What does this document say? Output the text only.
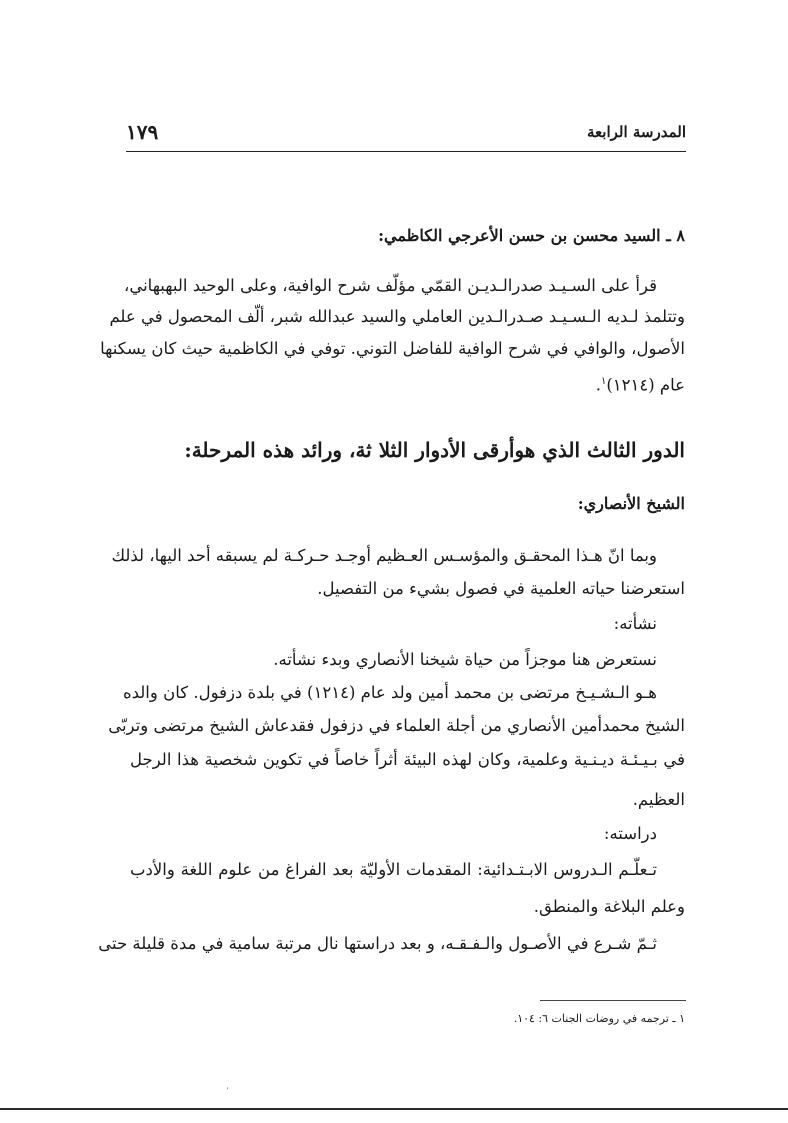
المدرسة الرابعة
١٧٩
٨ ـ السيد محسن بن حسن الأعرجي الكاظمي:
قرأ على السـيـد صدرالـديـن القمّي مؤلّف شرح الوافية، وعلى الوحيد البهبهاني،
وتتلمذ لـديه الـسـيـد صـدرالـدين العاملي والسيد عبدالله شبر، ألّف المحصول في علم
الأصول، والوافي في شرح الوافية للفاضل التوني. توفي في الكاظمية حيث كان يسكنها
عام (١٢١٤)$^١$.
الدور الثالث الذي هوأرقى الأدوار الثلا ثة، ورائد هذه المرحلة:
الشيخ الأنصاري:
وبما انّ هـذا المحقـق والمؤسـس العـظيم أوجـد حـركـة لم يسبقه أحد اليها، لذلك
استعرضنا حياته العلمية في فصول بشيء من التفصيل.
نشأته:
نستعرض هنا موجزاً من حياة شيخنا الأنصاري وبدء نشأته.
هـو الـشـيـخ مرتضى بن محمد أمين ولد عام (١٢١٤) في بلدة دزفول. كان والده
الشيخ محمدأمين الأنصاري من أجلة العلماء في دزفول فقدعاش الشيخ مرتضى وتربّى
في بـيـئـة ديـنـية وعلمية، وكان لهذه البيئة أثراً خاصاً في تكوين شخصية هذا الرجل
العظيم.
دراسته:
تـعلّـم الـدروس الابـتـدائية: المقدمات الأوليّة بعد الفراغ من علوم اللغة والأدب
وعلم البلاغة والمنطق.
ثـمّ شـرع في الأصـول والـفـقـه، و بعد دراستها نال مرتبة سامية في مدة قليلة حتى
١ ـ ترجمه في روضات الجنات ٦: ١٠٤.
٬
